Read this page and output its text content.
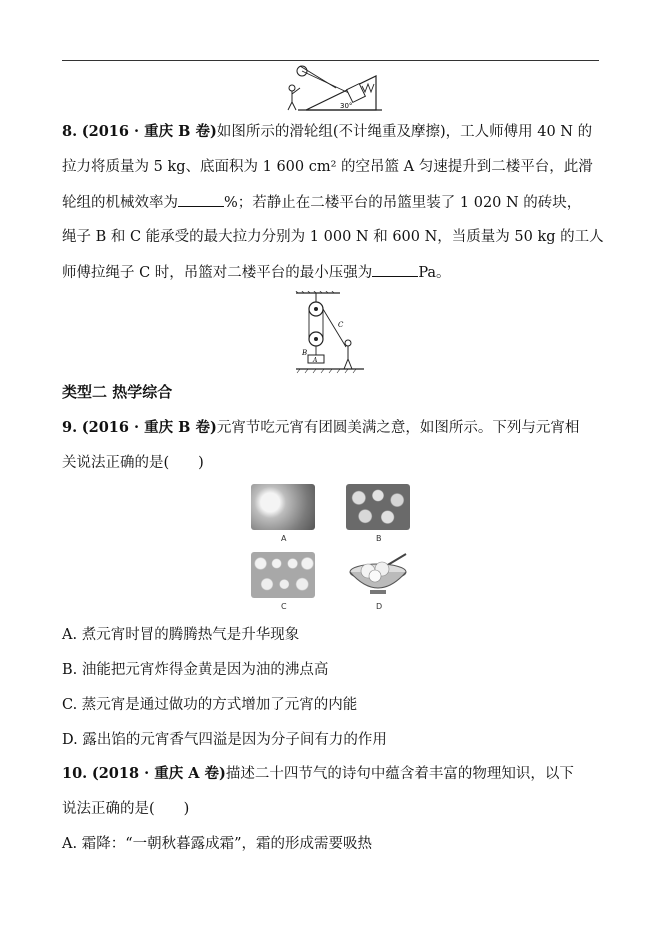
30°
8. (2016 · 重庆 B 卷)如图所示的滑轮组(不计绳重及摩擦)，工人师傅用 40 N 的
拉力将质量为 5 kg、底面积为 1 600 cm² 的空吊篮 A 匀速提升到二楼平台，此滑
轮组的机械效率为	%；若静止在二楼平台的吊篮里装了 1 020 N 的砖块，
绳子 B 和 C 能承受的最大拉力分别为 1 000 N 和 600 N，当质量为 50 kg 的工人
师傅拉绳子 C 时，吊篮对二楼平台的最小压强为	Pa。
C
B
A
类型二 热学综合
9. (2016 · 重庆 B 卷)元宵节吃元宵有团圆美满之意，如图所示。下列与元宵相
关说法正确的是(　　)
A	B
C	D
A. 煮元宵时冒的腾腾热气是升华现象
B. 油能把元宵炸得金黄是因为油的沸点高
C. 蒸元宵是通过做功的方式增加了元宵的内能
D. 露出馅的元宵香气四溢是因为分子间有力的作用
10. (2018 · 重庆 A 卷)描述二十四节气的诗句中蕴含着丰富的物理知识，以下
说法正确的是(　　)
A. 霜降：“一朝秋暮露成霜”，霜的形成需要吸热
